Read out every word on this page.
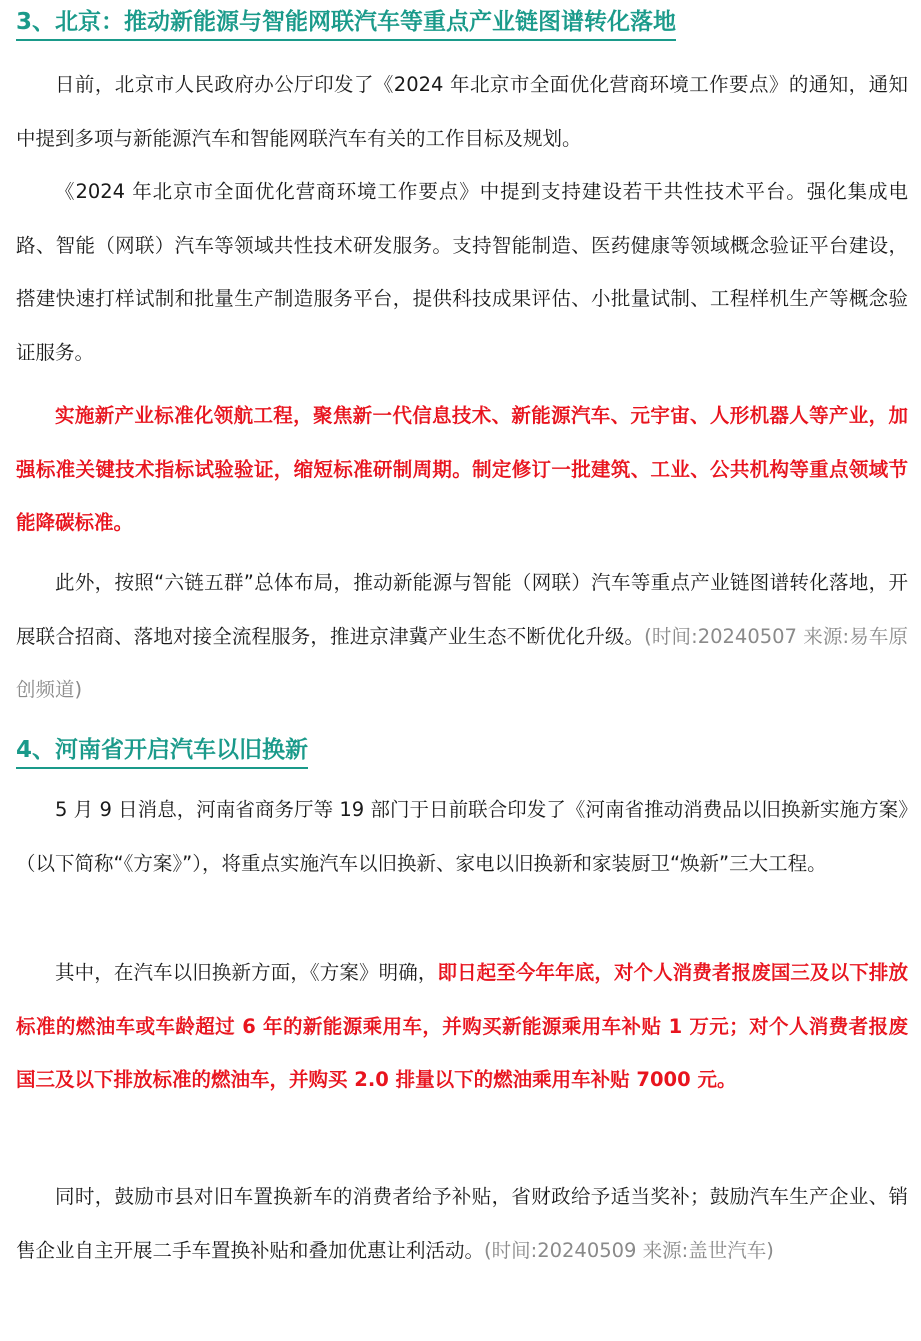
3、北京：推动新能源与智能网联汽车等重点产业链图谱转化落地

日前，北京市人民政府办公厅印发了《2024 年北京市全面优化营商环境工作要点》的通知，通知中提到多项与新能源汽车和智能网联汽车有关的工作目标及规划。

《2024 年北京市全面优化营商环境工作要点》中提到支持建设若干共性技术平台。强化集成电路、智能（网联）汽车等领域共性技术研发服务。支持智能制造、医药健康等领域概念验证平台建设，搭建快速打样试制和批量生产制造服务平台，提供科技成果评估、小批量试制、工程样机生产等概念验证服务。

实施新产业标准化领航工程，聚焦新一代信息技术、新能源汽车、元宇宙、人形机器人等产业，加强标准关键技术指标试验验证，缩短标准研制周期。制定修订一批建筑、工业、公共机构等重点领域节能降碳标准。

此外，按照“六链五群”总体布局，推动新能源与智能（网联）汽车等重点产业链图谱转化落地，开展联合招商、落地对接全流程服务，推进京津冀产业生态不断优化升级。(时间:20240507 来源:易车原创频道)

4、河南省开启汽车以旧换新

5 月 9 日消息，河南省商务厅等 19 部门于日前联合印发了《河南省推动消费品以旧换新实施方案》（以下简称“《方案》”），将重点实施汽车以旧换新、家电以旧换新和家装厨卫“焕新”三大工程。

其中，在汽车以旧换新方面，《方案》明确，即日起至今年年底，对个人消费者报废国三及以下排放标准的燃油车或车龄超过 6 年的新能源乘用车，并购买新能源乘用车补贴 1 万元；对个人消费者报废国三及以下排放标准的燃油车，并购买 2.0 排量以下的燃油乘用车补贴 7000 元。

同时，鼓励市县对旧车置换新车的消费者给予补贴，省财政给予适当奖补；鼓励汽车生产企业、销售企业自主开展二手车置换补贴和叠加优惠让利活动。(时间:20240509 来源:盖世汽车)
